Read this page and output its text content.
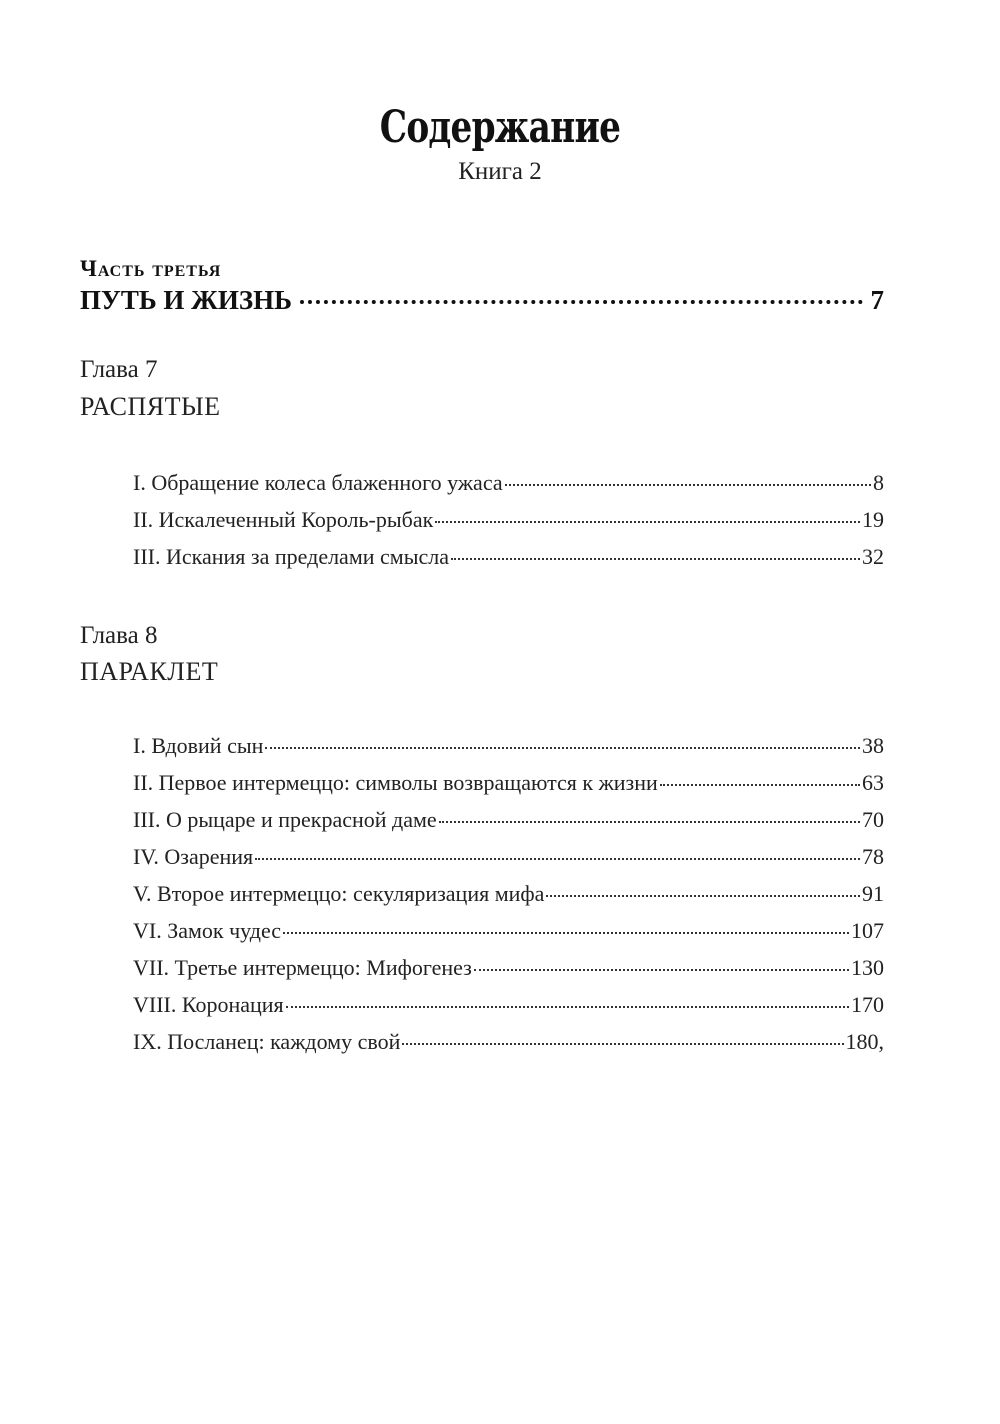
Содержание
Книга 2
Часть третья
ПУТЬ И ЖИЗНЬ	7
Глава 7
РАСПЯТЫЕ
I. Обращение колеса блаженного ужаса	8
II. Искалеченный Король-рыбак	19
III. Искания за пределами смысла	32
Глава 8
ПАРАКЛЕТ
I. Вдовий сын	38
II. Первое интермеццо: символы возвращаются к жизни	63
III. О рыцаре и прекрасной даме	70
IV. Озарения	78
V. Второе интермеццо: секуляризация мифа	91
VI. Замок чудес	107
VII. Третье интермеццо: Мифогенез	130
VIII. Коронация	170
IX. Посланец: каждому свой	180,
